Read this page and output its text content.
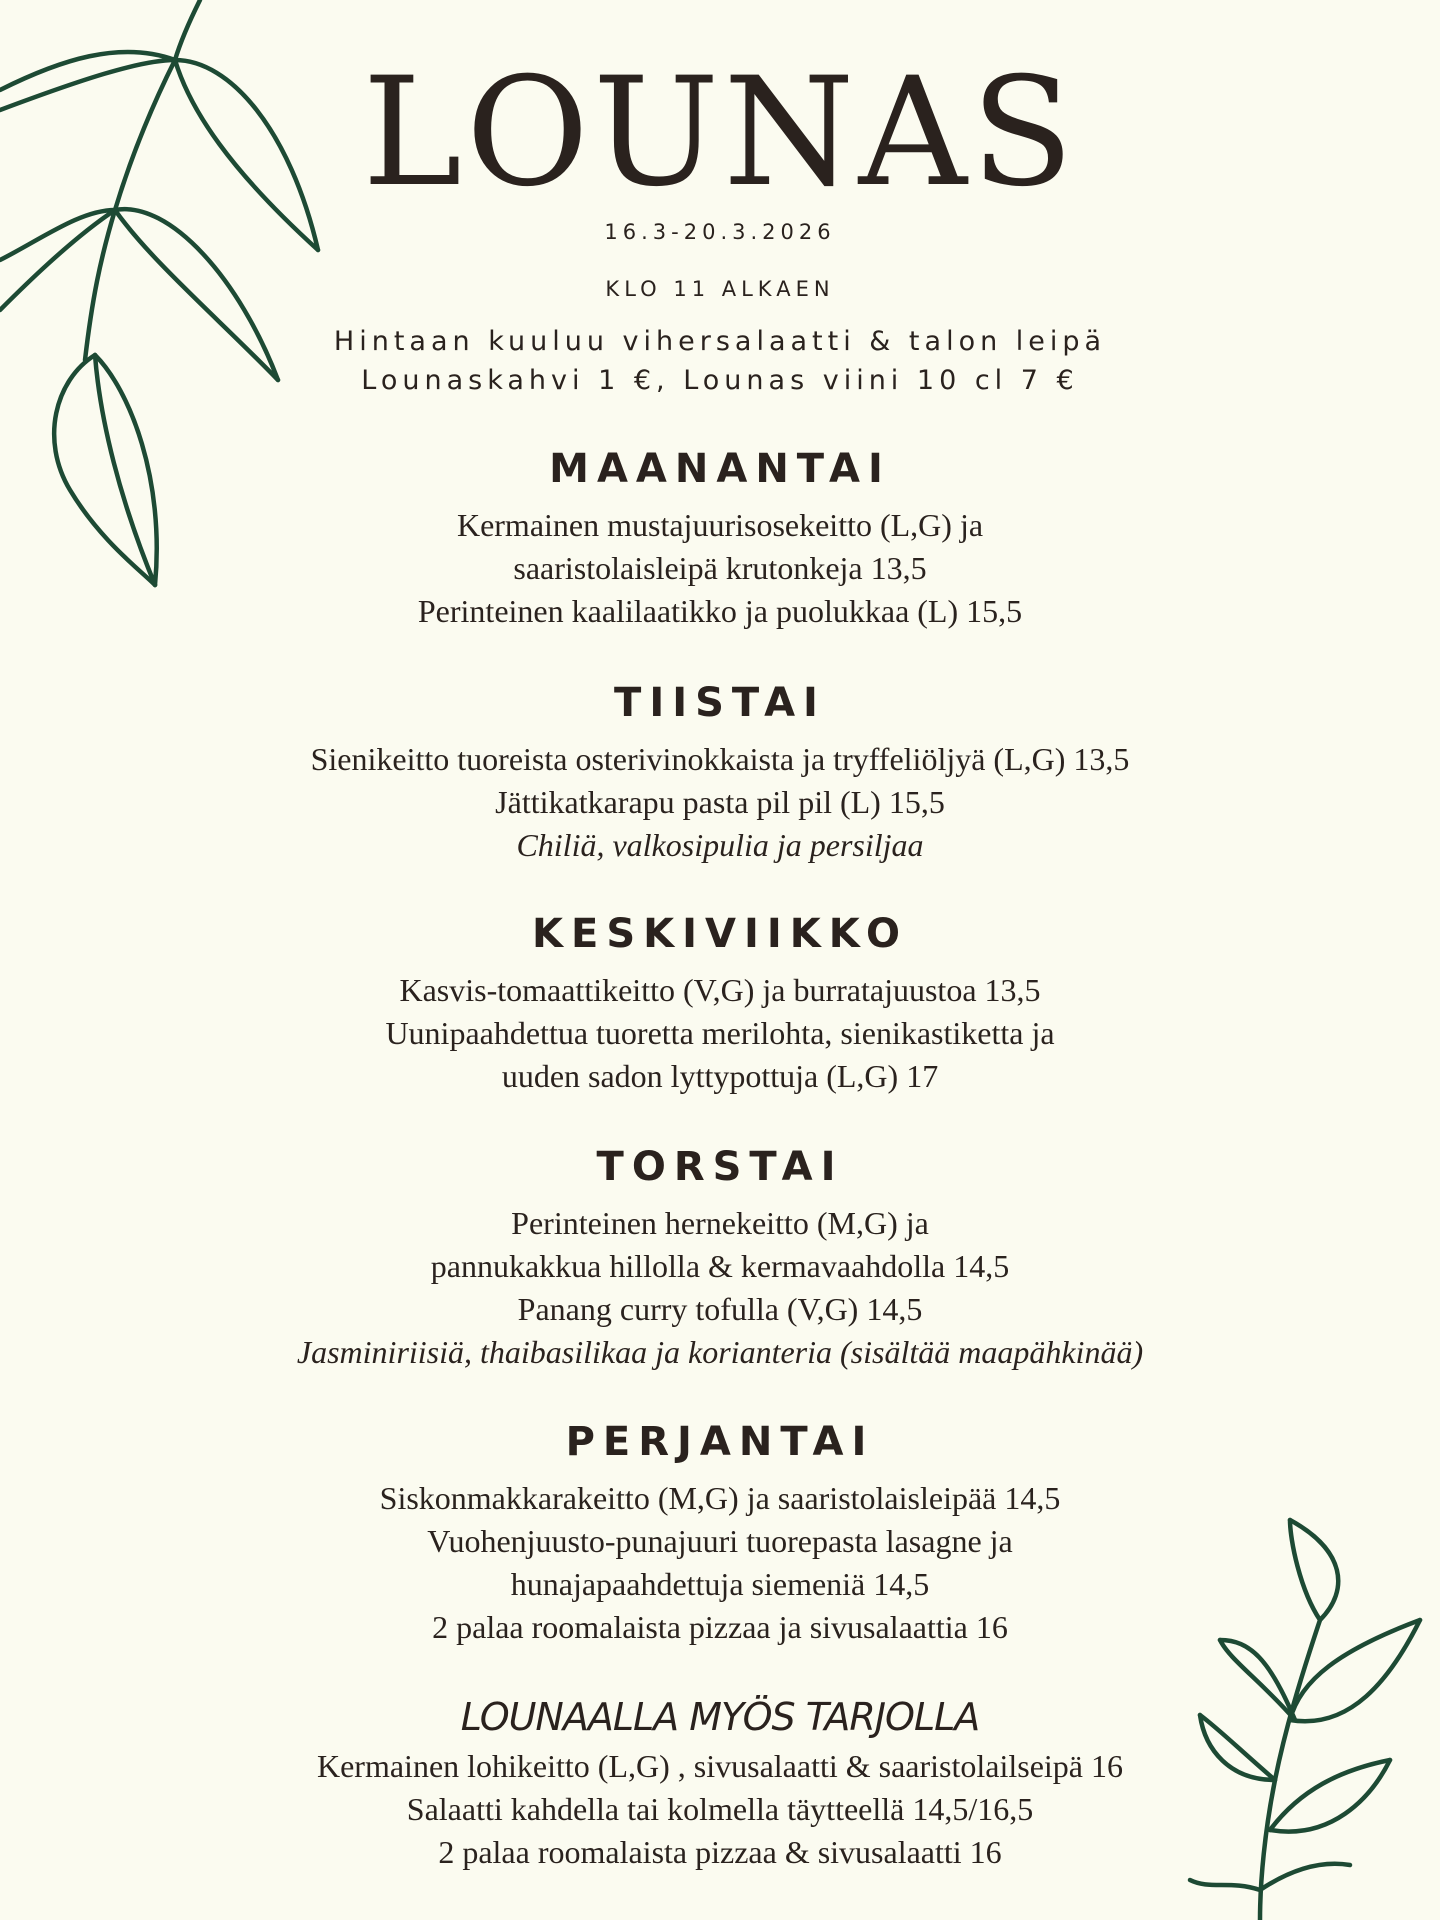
LOUNAS
16.3-20.3.2026
KLO 11 ALKAEN
Hintaan kuuluu vihersalaatti & talon leipä
Lounaskahvi 1 €, Lounas viini 10 cl 7 €
MAANANTAI
Kermainen mustajuurisosekeitto (L,G) ja
saaristolaisleipä krutonkeja 13,5
Perinteinen kaalilaatikko ja puolukkaa (L) 15,5
TIISTAI
Sienikeitto tuoreista osterivinokkaista ja tryffeliöljyä (L,G) 13,5
Jättikatkarapu pasta pil pil (L) 15,5
Chiliä, valkosipulia ja persiljaa
KESKIVIIKKO
Kasvis-tomaattikeitto (V,G) ja burratajuustoa 13,5
Uunipaahdettua tuoretta merilohta, sienikastiketta ja
uuden sadon lyttypottuja (L,G) 17
TORSTAI
Perinteinen hernekeitto (M,G) ja
pannukakkua hillolla & kermavaahdolla 14,5
Panang curry tofulla (V,G) 14,5
Jasminiriisiä, thaibasilikaa ja korianteria (sisältää maapähkinää)
PERJANTAI
Siskonmakkarakeitto (M,G) ja saaristolaisleipää 14,5
Vuohenjuusto-punajuuri tuorepasta lasagne ja
hunajapaahdettuja siemeniä 14,5
2 palaa roomalaista pizzaa ja sivusalaattia 16
LOUNAALLA MYÖS TARJOLLA
Kermainen lohikeitto (L,G) , sivusalaatti & saaristolailseipä 16
Salaatti kahdella tai kolmella täytteellä 14,5/16,5
2 palaa roomalaista pizzaa & sivusalaatti 16
